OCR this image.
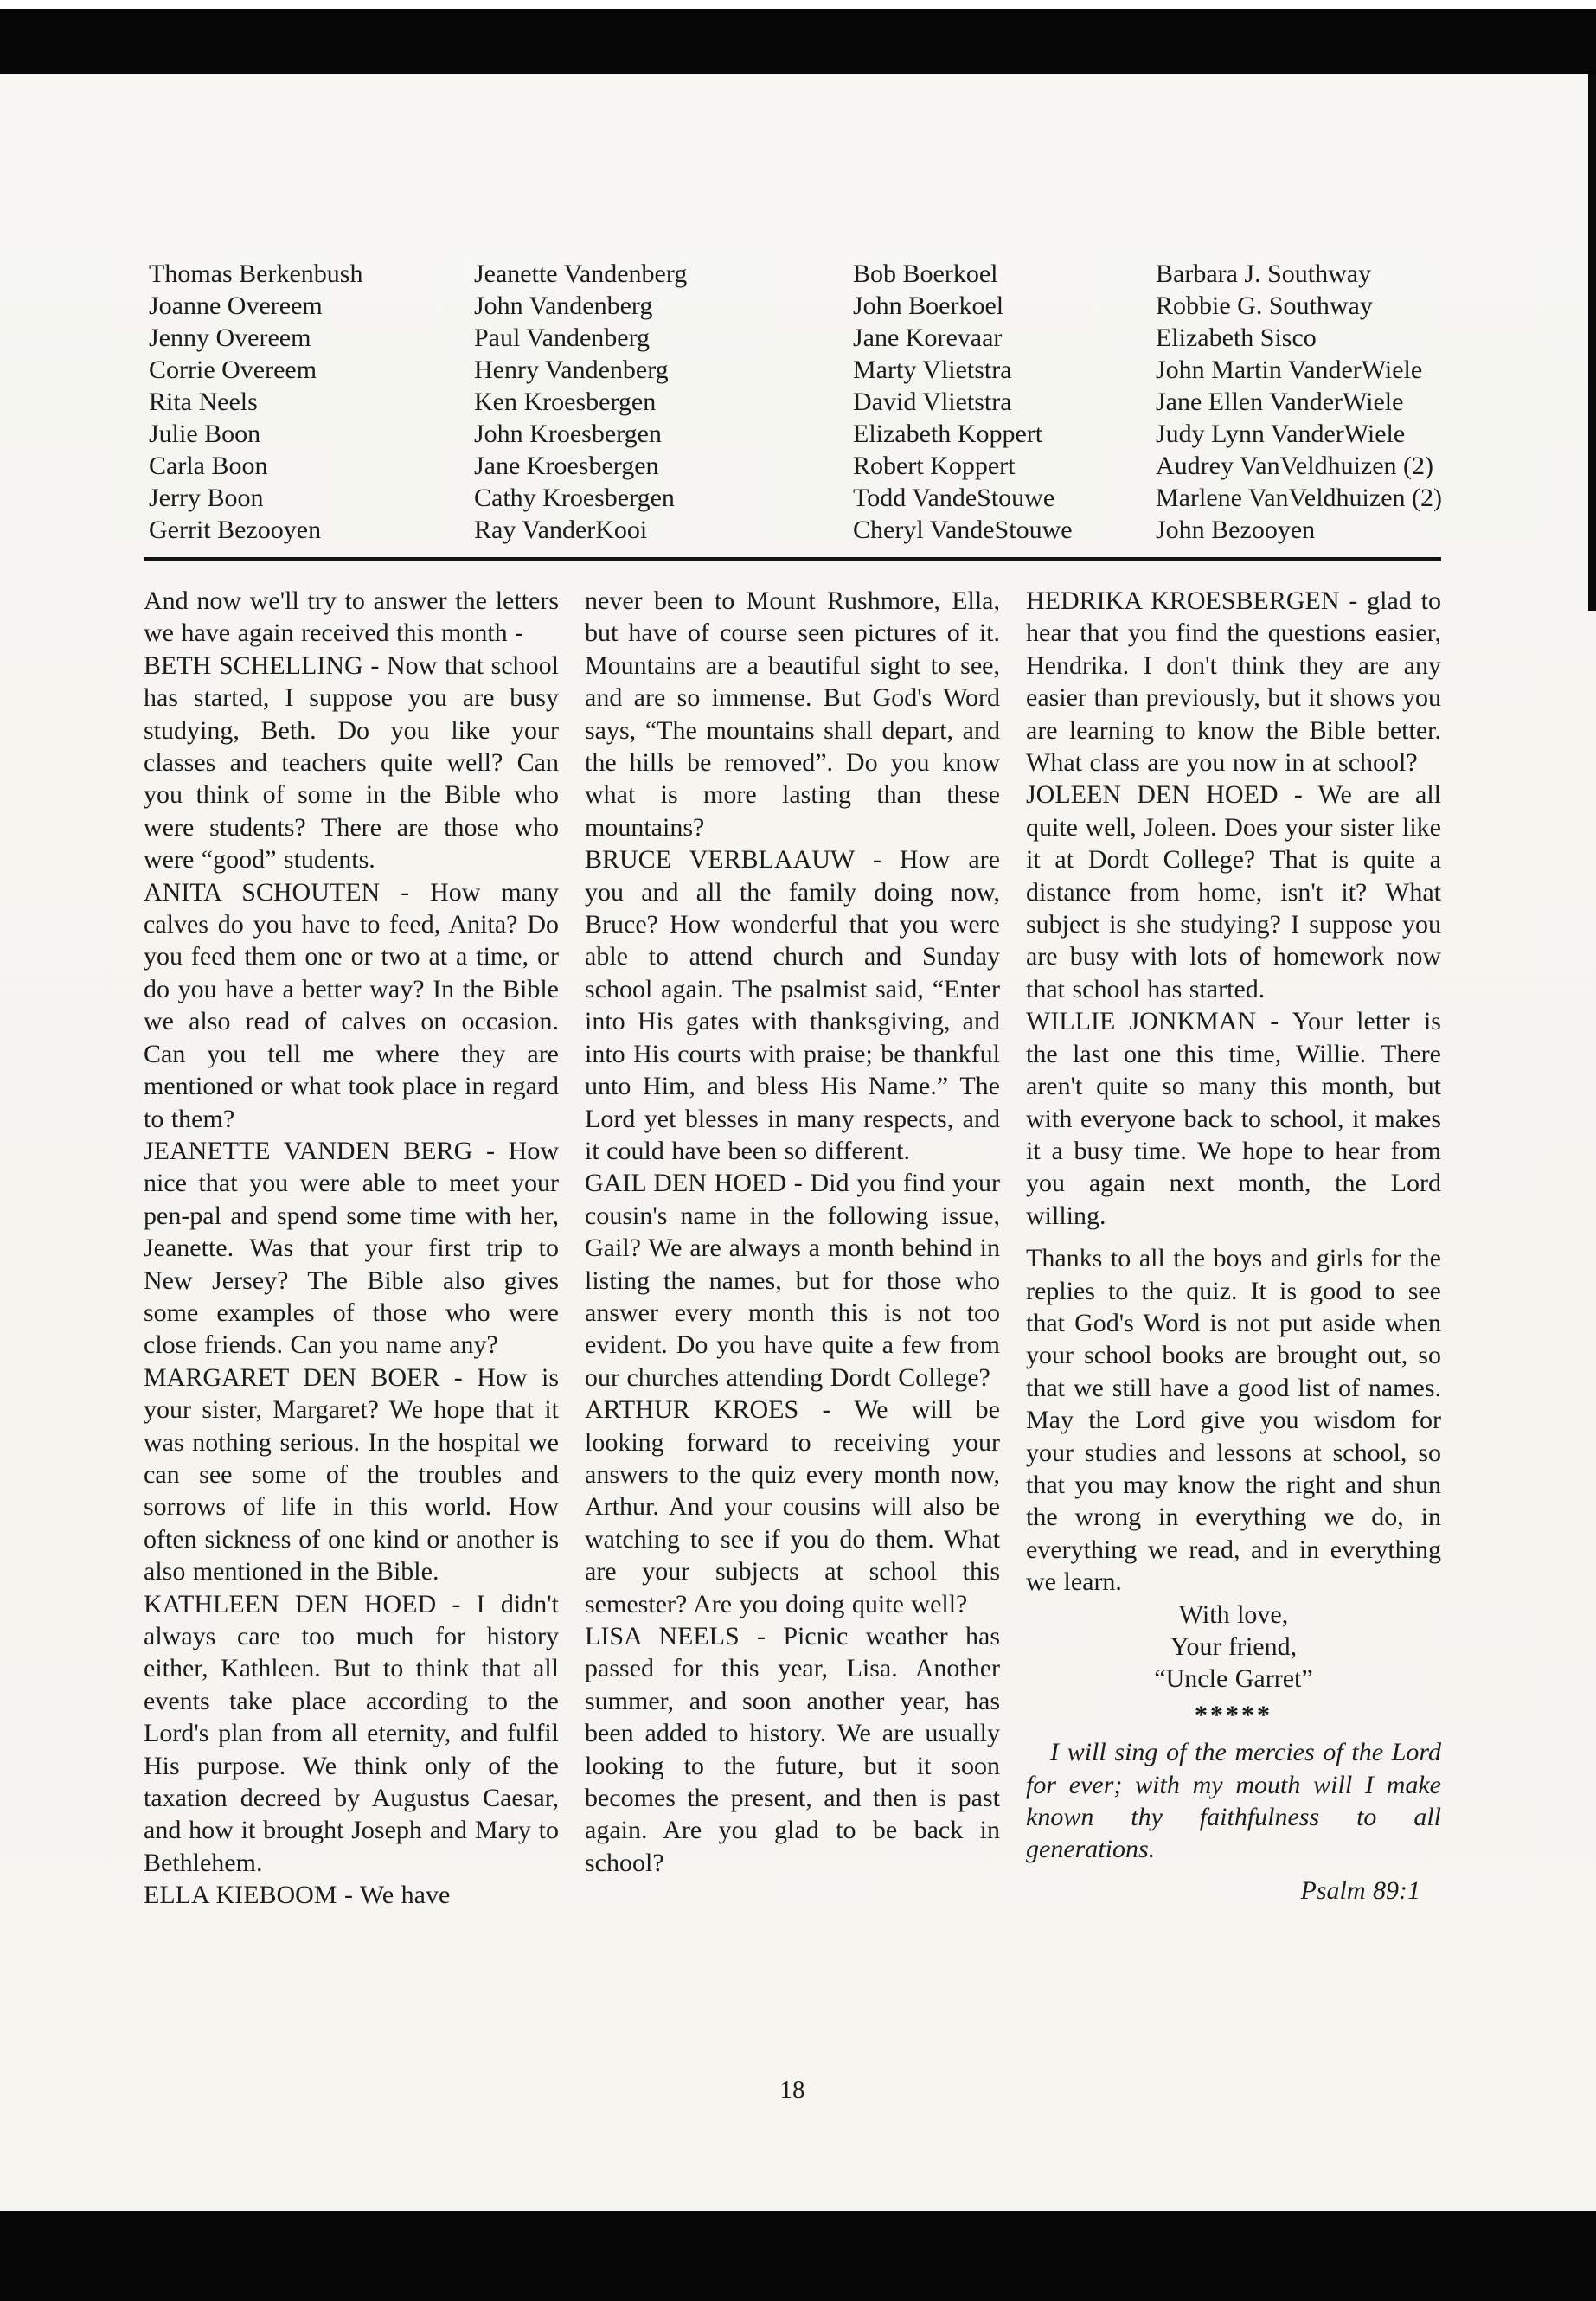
Thomas Berkenbush
Joanne Overeem
Jenny Overeem
Corrie Overeem
Rita Neels
Julie Boon
Carla Boon
Jerry Boon
Gerrit Bezooyen
Jeanette Vandenberg
John Vandenberg
Paul Vandenberg
Henry Vandenberg
Ken Kroesbergen
John Kroesbergen
Jane Kroesbergen
Cathy Kroesbergen
Ray VanderKooi
Bob Boerkoel
John Boerkoel
Jane Korevaar
Marty Vlietstra
David Vlietstra
Elizabeth Koppert
Robert Koppert
Todd VandeStouwe
Cheryl VandeStouwe
Barbara J. Southway
Robbie G. Southway
Elizabeth Sisco
John Martin VanderWiele
Jane Ellen VanderWiele
Judy Lynn VanderWiele
Audrey VanVeldhuizen (2)
Marlene VanVeldhuizen (2)
John Bezooyen

And now we'll try to answer the letters we have again received this month -

BETH SCHELLING - Now that school has started, I suppose you are busy studying, Beth. Do you like your classes and teachers quite well? Can you think of some in the Bible who were students? There are those who were “good” students.

ANITA SCHOUTEN - How many calves do you have to feed, Anita? Do you feed them one or two at a time, or do you have a better way? In the Bible we also read of calves on occasion. Can you tell me where they are mentioned or what took place in regard to them?

JEANETTE VANDEN BERG - How nice that you were able to meet your pen-pal and spend some time with her, Jeanette. Was that your first trip to New Jersey? The Bible also gives some examples of those who were close friends. Can you name any?

MARGARET DEN BOER - How is your sister, Margaret? We hope that it was nothing serious. In the hospital we can see some of the troubles and sorrows of life in this world. How often sickness of one kind or another is also mentioned in the Bible.

KATHLEEN DEN HOED - I didn't always care too much for history either, Kathleen. But to think that all events take place according to the Lord's plan from all eternity, and fulfil His purpose. We think only of the taxation decreed by Augustus Caesar, and how it brought Joseph and Mary to Bethlehem.

ELLA KIEBOOM - We have

never been to Mount Rushmore, Ella, but have of course seen pictures of it. Mountains are a beautiful sight to see, and are so immense. But God's Word says, “The mountains shall depart, and the hills be removed”. Do you know what is more lasting than these mountains?

BRUCE VERBLAAUW - How are you and all the family doing now, Bruce? How wonderful that you were able to attend church and Sunday school again. The psalmist said, “Enter into His gates with thanksgiving, and into His courts with praise; be thankful unto Him, and bless His Name.” The Lord yet blesses in many respects, and it could have been so different.

GAIL DEN HOED - Did you find your cousin's name in the following issue, Gail? We are always a month behind in listing the names, but for those who answer every month this is not too evident. Do you have quite a few from our churches attending Dordt College?

ARTHUR KROES - We will be looking forward to receiving your answers to the quiz every month now, Arthur. And your cousins will also be watching to see if you do them. What are your subjects at school this semester? Are you doing quite well?

LISA NEELS - Picnic weather has passed for this year, Lisa. Another summer, and soon another year, has been added to history. We are usually looking to the future, but it soon becomes the present, and then is past again. Are you glad to be back in school?

HEDRIKA KROESBERGEN - glad to hear that you find the questions easier, Hendrika. I don't think they are any easier than previously, but it shows you are learning to know the Bible better. What class are you now in at school?

JOLEEN DEN HOED - We are all quite well, Joleen. Does your sister like it at Dordt College? That is quite a distance from home, isn't it? What subject is she studying? I suppose you are busy with lots of homework now that school has started.

WILLIE JONKMAN - Your letter is the last one this time, Willie. There aren't quite so many this month, but with everyone back to school, it makes it a busy time. We hope to hear from you again next month, the Lord willing.

Thanks to all the boys and girls for the replies to the quiz. It is good to see that God's Word is not put aside when your school books are brought out, so that we still have a good list of names. May the Lord give you wisdom for your studies and lessons at school, so that you may know the right and shun the wrong in everything we do, in everything we read, and in everything we learn.

With love,

Your friend,

“Uncle Garret”

*****

I will sing of the mercies of the Lord for ever; with my mouth will I make known thy faithfulness to all generations.

Psalm 89:1

18
